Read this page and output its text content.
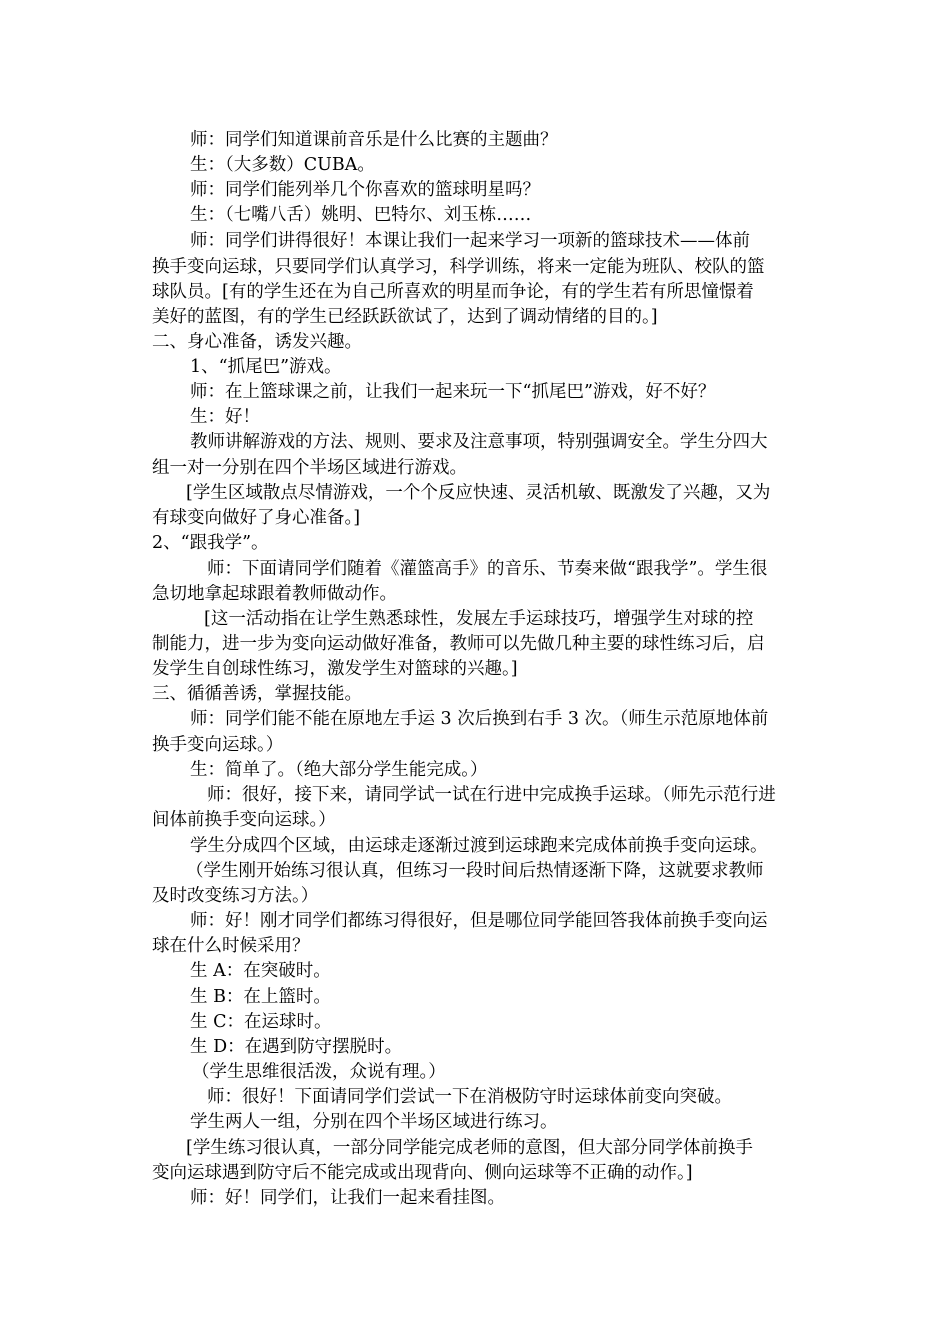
师：同学们知道课前音乐是什么比赛的主题曲？
生：（大多数）CUBA。
师：同学们能列举几个你喜欢的篮球明星吗？
生：（七嘴八舌）姚明、巴特尔、刘玉栋……
师：同学们讲得很好！本课让我们一起来学习一项新的篮球技术——体前
换手变向运球，只要同学们认真学习，科学训练，将来一定能为班队、校队的篮
球队员。[有的学生还在为自己所喜欢的明星而争论，有的学生若有所思憧憬着
美好的蓝图，有的学生已经跃跃欲试了，达到了调动情绪的目的。]
二、身心准备，诱发兴趣。
1、“抓尾巴”游戏。
师：在上篮球课之前，让我们一起来玩一下“抓尾巴”游戏，好不好？
生：好！
教师讲解游戏的方法、规则、要求及注意事项，特别强调安全。学生分四大
组一对一分别在四个半场区域进行游戏。
[学生区域散点尽情游戏，一个个反应快速、灵活机敏、既激发了兴趣，又为
有球变向做好了身心准备。]
2、“跟我学”。
师：下面请同学们随着《灌篮高手》的音乐、节奏来做“跟我学”。学生很
急切地拿起球跟着教师做动作。
[这一活动指在让学生熟悉球性，发展左手运球技巧，增强学生对球的控
制能力，进一步为变向运动做好准备，教师可以先做几种主要的球性练习后，启
发学生自创球性练习，激发学生对篮球的兴趣。]
三、循循善诱，掌握技能。
师：同学们能不能在原地左手运 3 次后换到右手 3 次。（师生示范原地体前
换手变向运球。）
生：简单了。（绝大部分学生能完成。）
师：很好，接下来，请同学试一试在行进中完成换手运球。（师先示范行进
间体前换手变向运球。）
学生分成四个区域，由运球走逐渐过渡到运球跑来完成体前换手变向运球。
（学生刚开始练习很认真，但练习一段时间后热情逐渐下降，这就要求教师
及时改变练习方法。）
师：好！刚才同学们都练习得很好，但是哪位同学能回答我体前换手变向运
球在什么时候采用？
生 A：在突破时。
生 B：在上篮时。
生 C：在运球时。
生 D：在遇到防守摆脱时。
（学生思维很活泼，众说有理。）
师：很好！下面请同学们尝试一下在消极防守时运球体前变向突破。
学生两人一组，分别在四个半场区域进行练习。
[学生练习很认真，一部分同学能完成老师的意图，但大部分同学体前换手
变向运球遇到防守后不能完成或出现背向、侧向运球等不正确的动作。]
师：好！同学们，让我们一起来看挂图。
